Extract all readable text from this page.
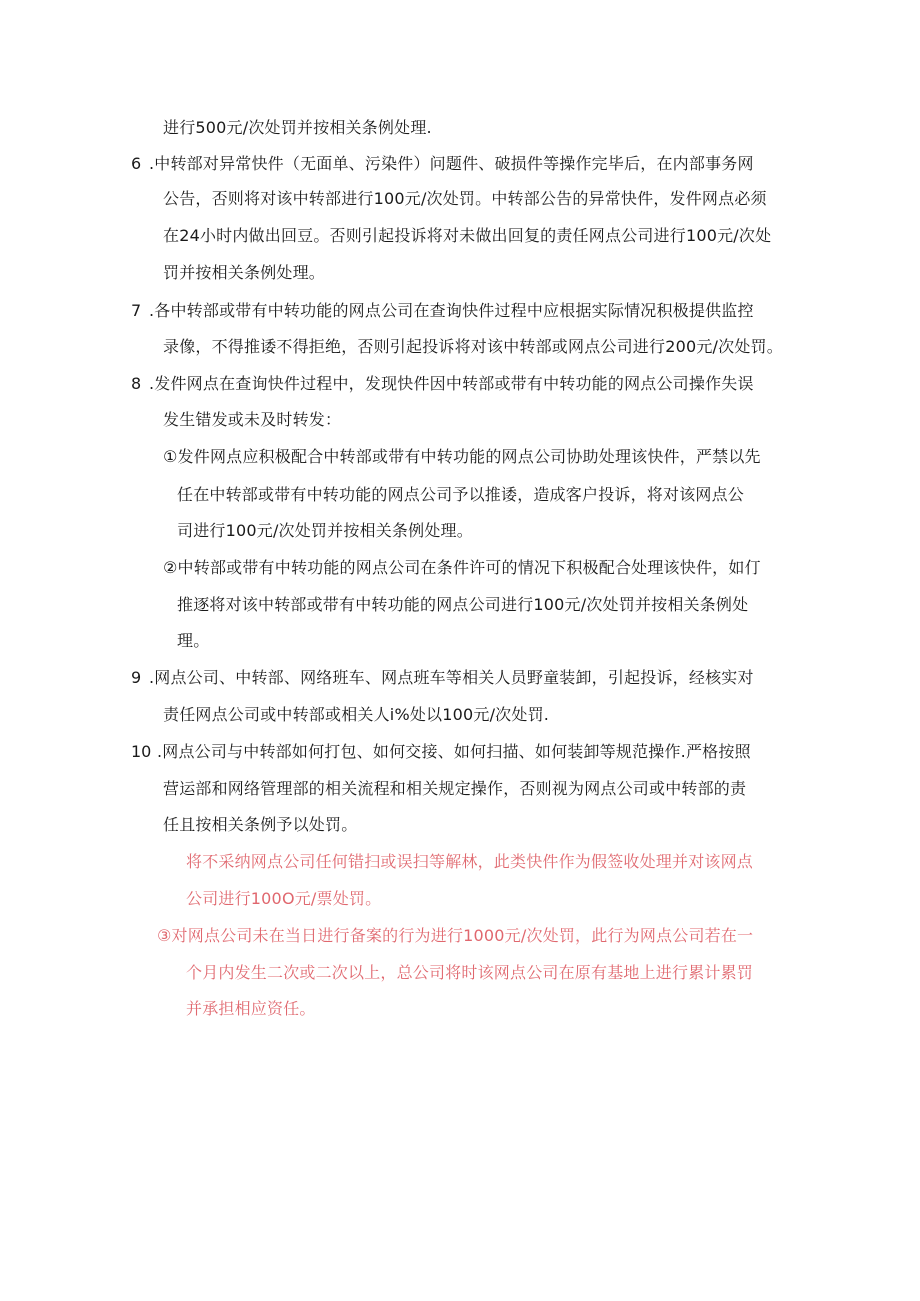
进行500元/次处罚并按相关条例处理.
6 .中转部对异常快件（无面单、污染件）问题件、破损件等操作完毕后，在内部事务网
公告，否则将对该中转部进行100元/次处罚。中转部公告的异常快件，发件网点必须
在24小时内做出回豆。否则引起投诉将对未做出回复的责任网点公司进行100元/次处
罚并按相关条例处理。
7 .各中转部或带有中转功能的网点公司在查询快件过程中应根据实际情况积极提供监控
录像，不得推诿不得拒绝，否则引起投诉将对该中转部或网点公司进行200元/次处罚。
8 .发件网点在查询快件过程中，发现快件因中转部或带有中转功能的网点公司操作失误
发生错发或未及时转发：
①发件网点应积极配合中转部或带有中转功能的网点公司协助处理该快件，严禁以先
任在中转部或带有中转功能的网点公司予以推诿，造成客户投诉，将对该网点公
司进行100元/次处罚并按相关条例处理。
②中转部或带有中转功能的网点公司在条件许可的情况下积极配合处理该快件，如仃
推逐将对该中转部或带有中转功能的网点公司进行100元/次处罚并按相关条例处
理。
9 .网点公司、中转部、网络班车、网点班车等相关人员野童装卸，引起投诉，经核实对
责任网点公司或中转部或相关人i%处以100元/次处罚.
10 .网点公司与中转部如何打包、如何交接、如何扫描、如何装卸等规范操作.严格按照
营运部和网络管理部的相关流程和相关规定操作，否则视为网点公司或中转部的责
任且按相关条例予以处罚。
将不采纳网点公司任何错扫或误扫等解林，此类快件作为假签收处理并对该网点
公司进行100O元/票处罚。
③对网点公司未在当日进行备案的行为进行1000元/次处罚，此行为网点公司若在一
个月内发生二次或二次以上，总公司将时该网点公司在原有基地上进行累计累罚
并承担相应资任。
